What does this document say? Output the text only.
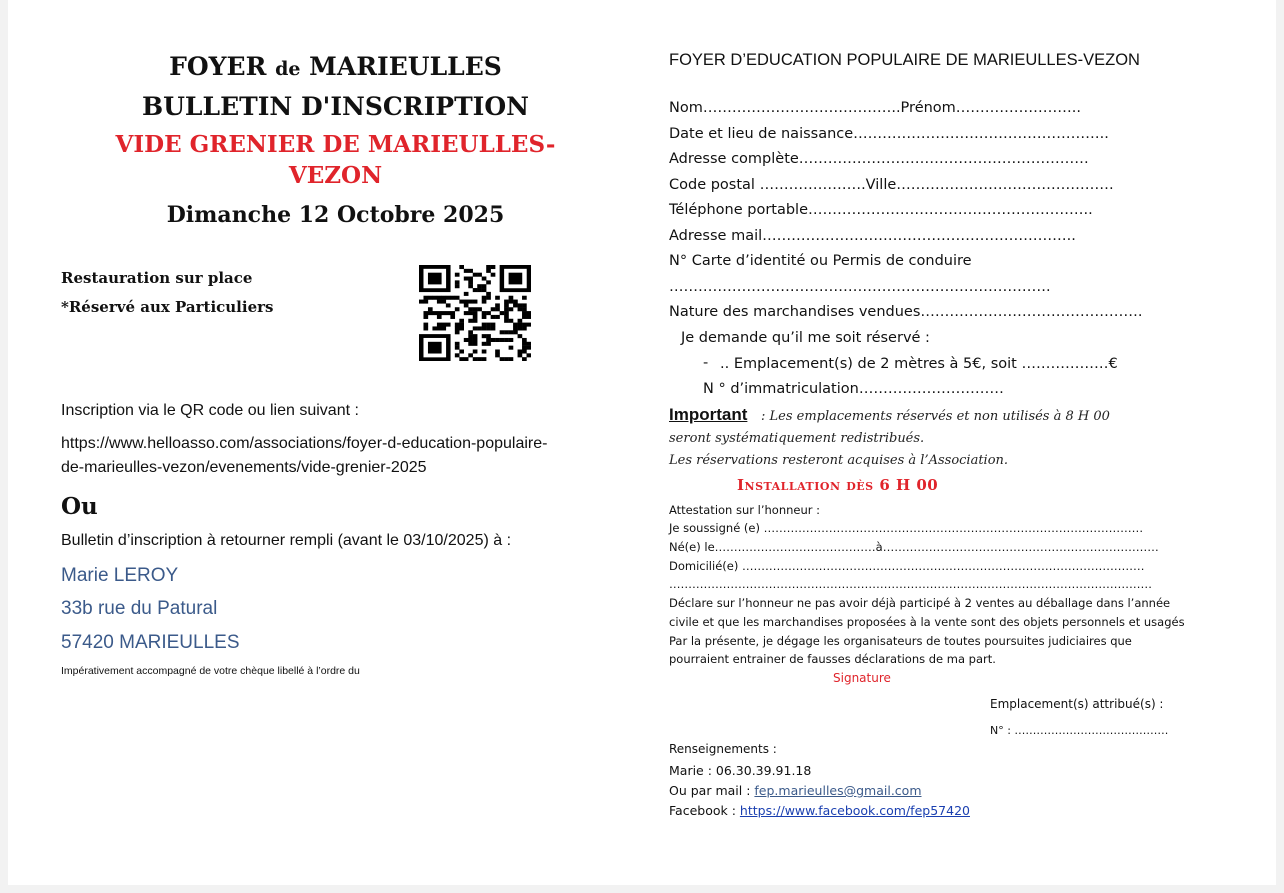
FOYER de MARIEULLES
BULLETIN D'INSCRIPTION
VIDE GRENIER DE MARIEULLES-
VEZON
Dimanche 12 Octobre 2025
Restauration sur place
*Réservé aux Particuliers
Inscription via le QR code ou lien suivant :
https://www.helloasso.com/associations/foyer-d-education-populaire-
de-marieulles-vezon/evenements/vide-grenier-2025
Ou
Bulletin d’inscription à retourner rempli (avant le 03/10/2025) à :
Marie LEROY
33b rue du Patural
57420 MARIEULLES
Impérativement accompagné de votre chèque libellé à l’ordre du
FOYER D’EDUCATION POPULAIRE DE MARIEULLES-VEZON
Nom…………………………………..Prénom……………………..
Date et lieu de naissance……………………………………………..
Adresse complète……………………………………………………
Code postal ………………….Ville………………………………………
Téléphone portable…………………………………………………..
Adresse mail………………………………………………………..
N° Carte d’identité ou Permis de conduire
…………………………………………………………………….
Nature des marchandises vendues……………………………………….
Je demande qu’il me soit réservé :
- .. Emplacement(s) de 2 mètres à 5€, soit ………………€
N ° d’immatriculation…………………………
Important : Les emplacements réservés et non utilisés à 8 H 00
seront systématiquement redistribués.
Les réservations resteront acquises à l’Association.
Installation dès 6 H 00
Attestation sur l’honneur :
Je soussigné (e) ………………………………………………………………………………………
Né(e) le……………………………………à………………………………………………………………
Domicilié(e) ……………………………………………………………………………………………
………………………………………………………………………………………………………………
Déclare sur l’honneur ne pas avoir déjà participé à 2 ventes au déballage dans l’année
civile et que les marchandises proposées à la vente sont des objets personnels et usagés
Par la présente, je dégage les organisateurs de toutes poursuites judiciaires que
pourraient entrainer de fausses déclarations de ma part.
Signature
Emplacement(s) attribué(s) :
N° : ……………………………………
Renseignements :
Marie : 06.30.39.91.18
Ou par mail : fep.marieulles@gmail.com
Facebook : https://www.facebook.com/fep57420
